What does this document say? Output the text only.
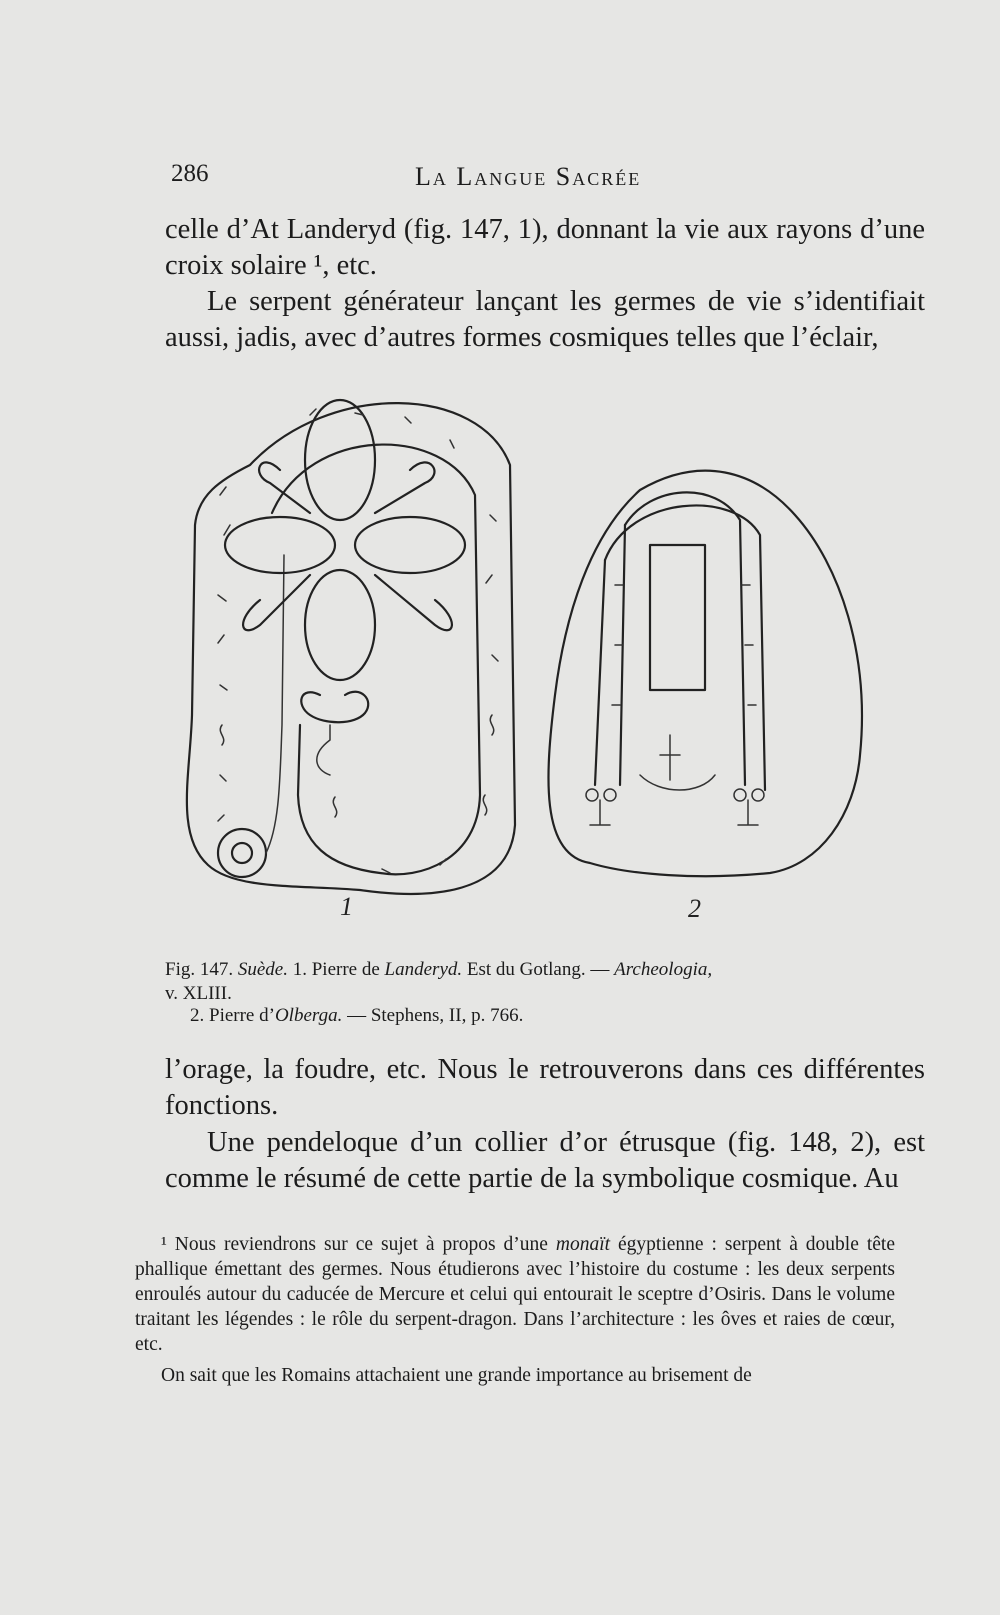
286	La Langue Sacrée
celle d’At Landeryd (fig. 147, 1), donnant la vie aux rayons d’une croix solaire ¹, etc.
Le serpent générateur lançant les germes de vie s’identifiait aussi, jadis, avec d’autres formes cosmiques telles que l’éclair,
1	2
Fig. 147. Suède. 1. Pierre de Landeryd. Est du Gotlang. — Archeologia,
v. XLIII.
2. Pierre d’Olberga. — Stephens, II, p. 766.
l’orage, la foudre, etc. Nous le retrouverons dans ces différentes fonctions.
Une pendeloque d’un collier d’or étrusque (fig. 148, 2), est comme le résumé de cette partie de la symbolique cosmique. Au

¹ Nous reviendrons sur ce sujet à propos d’une monaït égyptienne : serpent à double tête phallique émettant des germes. Nous étudierons avec l’histoire du costume : les deux serpents enroulés autour du caducée de Mercure et celui qui entourait le sceptre d’Osiris. Dans le volume traitant les légendes : le rôle du serpent-dragon. Dans l’architecture : les ôves et raies de cœur, etc.

On sait que les Romains attachaient une grande importance au brisement de
